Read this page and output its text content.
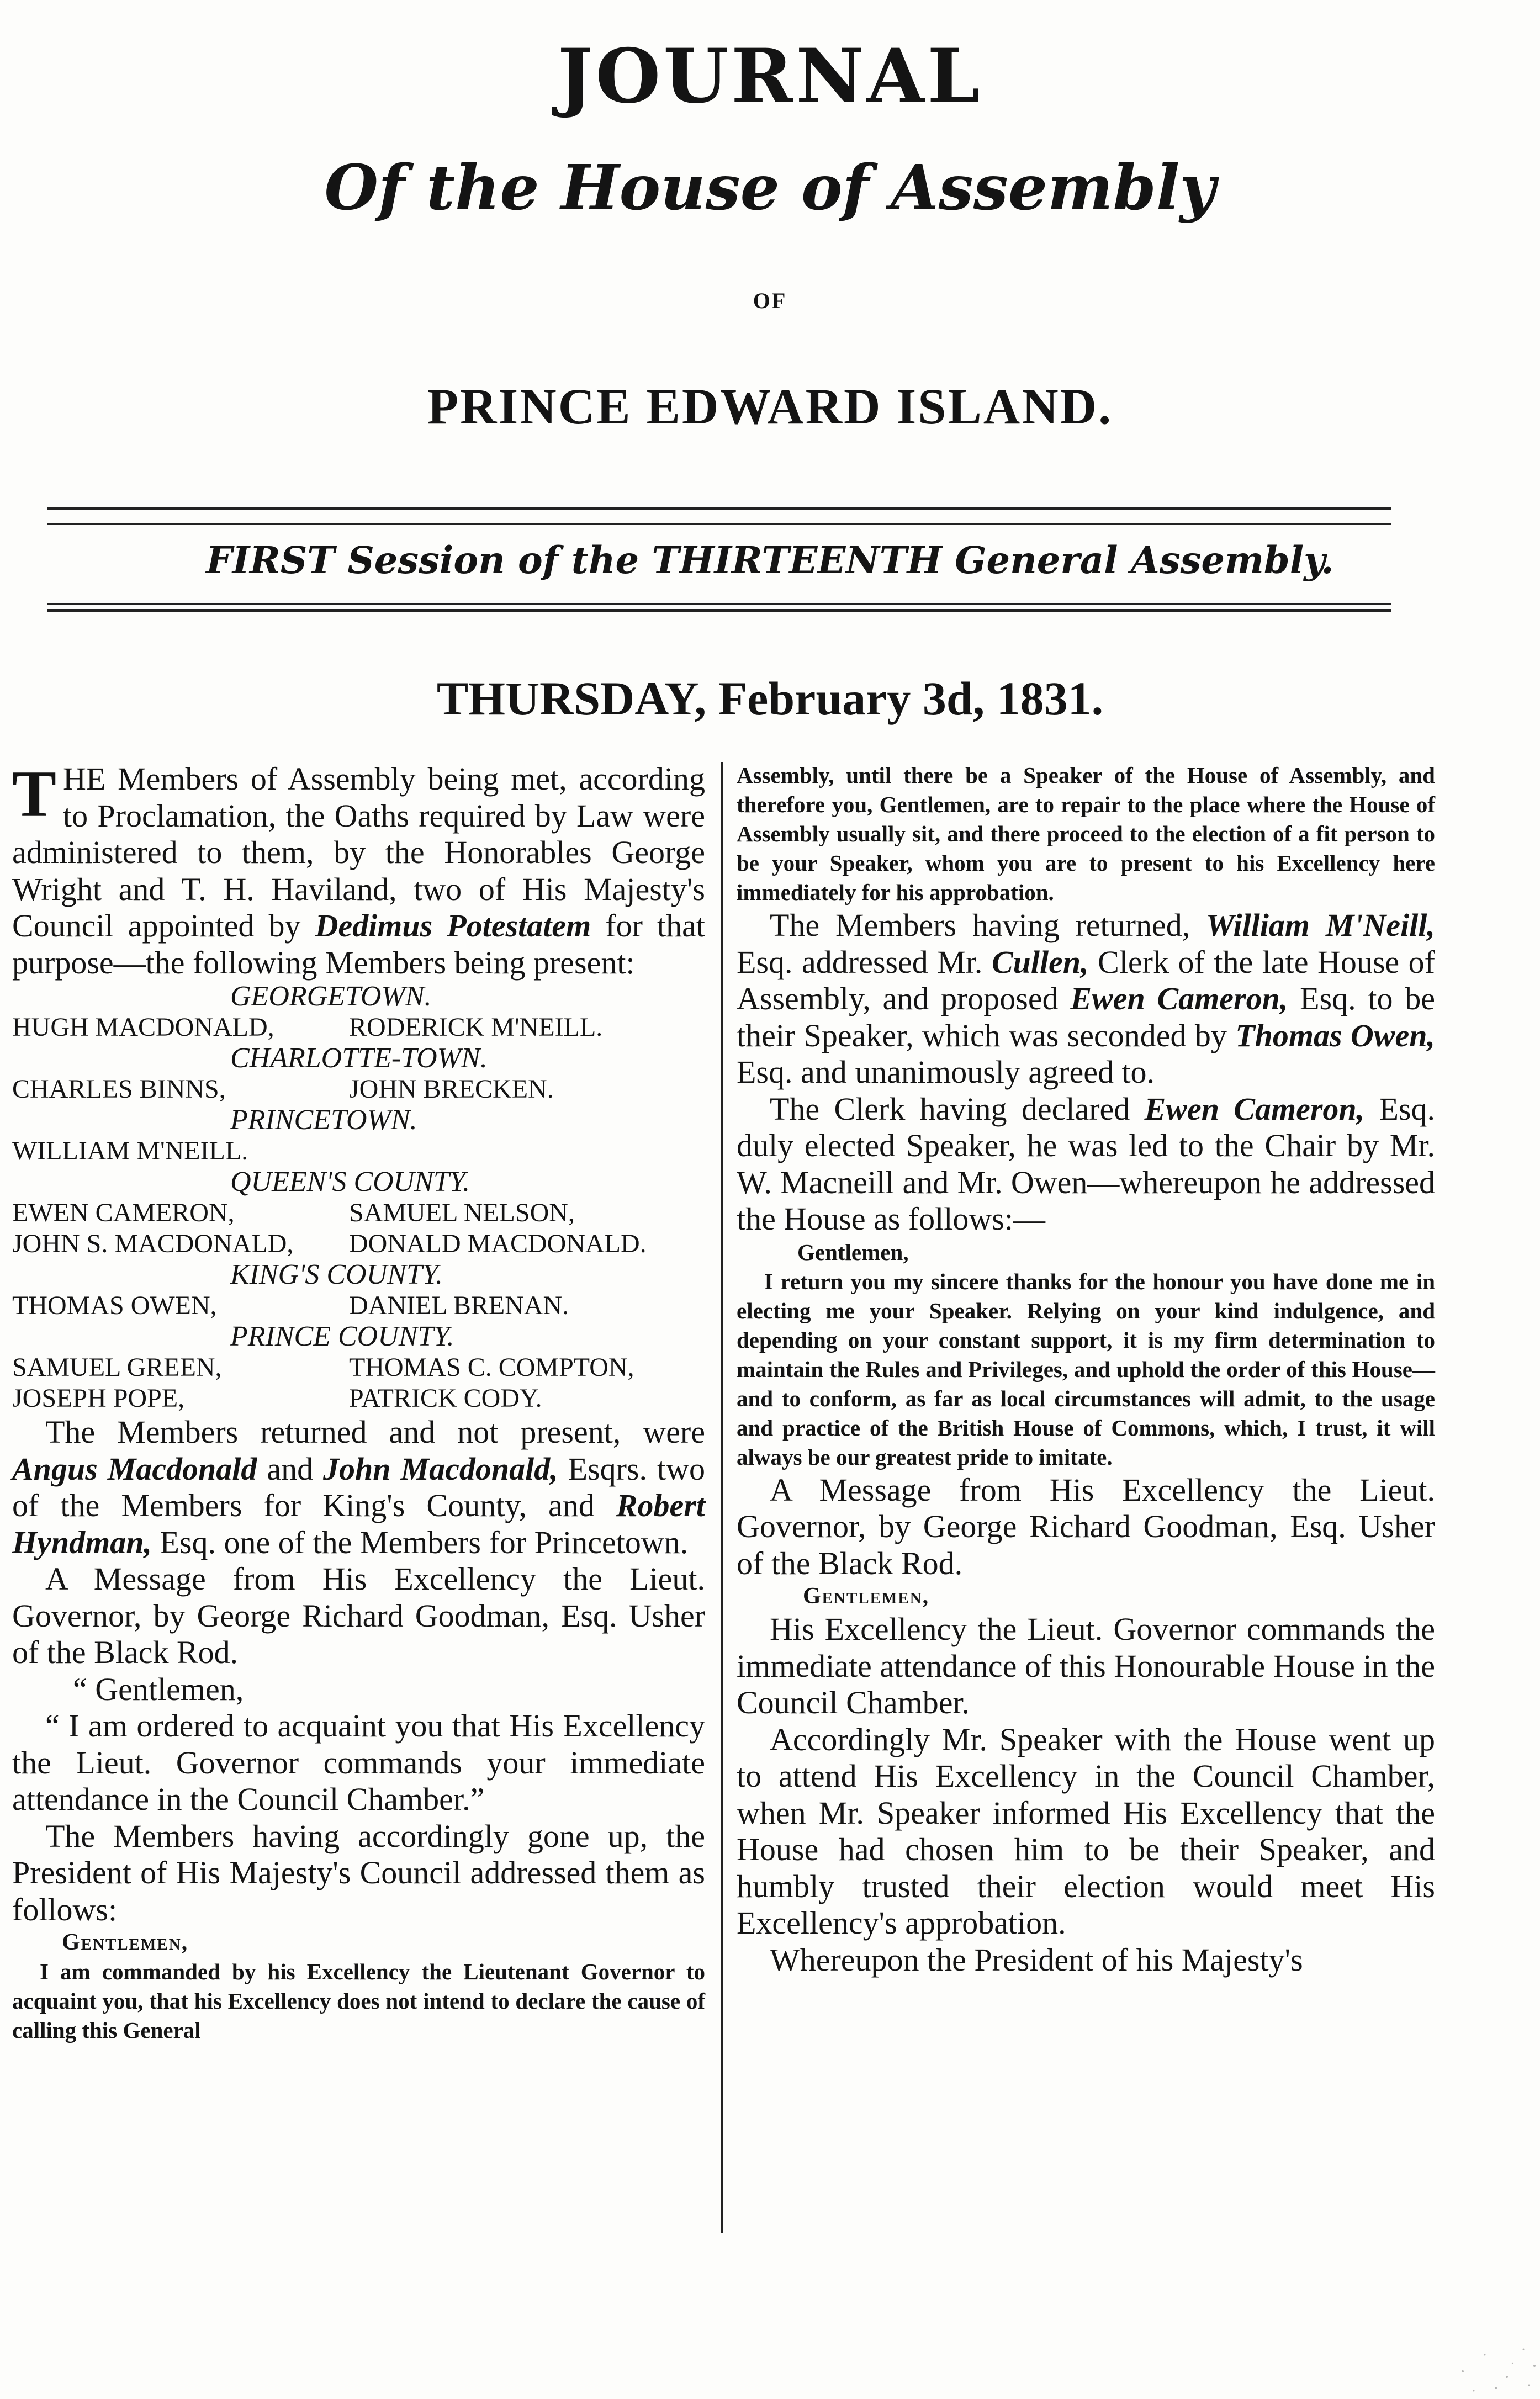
JOURNAL
Of the House of Assembly
OF
PRINCE EDWARD ISLAND.
FIRST Session of the THIRTEENTH General Assembly.
THURSDAY, February 3d, 1831.

THE Members of Assembly being met, according to Proclamation, the Oaths required by Law were administered to them, by the Honorables George Wright and T. H. Haviland, two of His Majesty's Council appointed by Dedimus Potestatem for that purpose—the following Members being present:

GEORGETOWN.

HUGH MACDONALD,	RODERICK M'NEILL.

CHARLOTTE-TOWN.

CHARLES BINNS,	JOHN BRECKEN.

PRINCETOWN.

WILLIAM M'NEILL.

QUEEN'S COUNTY.

EWEN CAMERON,	SAMUEL NELSON,

JOHN S. MACDONALD,	DONALD MACDONALD.

KING'S COUNTY.

THOMAS OWEN,	DANIEL BRENAN.

PRINCE COUNTY.

SAMUEL GREEN,	THOMAS C. COMPTON,

JOSEPH POPE,	PATRICK CODY.

The Members returned and not present, were Angus Macdonald and John Macdonald, Esqrs. two of the Members for King's County, and Robert Hyndman, Esq. one of the Members for Princetown.

A Message from His Excellency the Lieut. Governor, by George Richard Goodman, Esq. Usher of the Black Rod.

“ Gentlemen,

“ I am ordered to acquaint you that His Excellency the Lieut. Governor commands your immediate attendance in the Council Chamber.”

The Members having accordingly gone up, the President of His Majesty's Council addressed them as follows:

Gentlemen,

I am commanded by his Excellency the Lieutenant Governor to acquaint you, that his Excellency does not intend to declare the cause of calling this General

Assembly, until there be a Speaker of the House of Assembly, and therefore you, Gentlemen, are to repair to the place where the House of Assembly usually sit, and there proceed to the election of a fit person to be your Speaker, whom you are to present to his Excellency here immediately for his approbation.

The Members having returned, William M'Neill, Esq. addressed Mr. Cullen, Clerk of the late House of Assembly, and proposed Ewen Cameron, Esq. to be their Speaker, which was seconded by Thomas Owen, Esq. and unanimously agreed to.

The Clerk having declared Ewen Cameron, Esq. duly elected Speaker, he was led to the Chair by Mr. W. Macneill and Mr. Owen—whereupon he addressed the House as follows:—

Gentlemen,

I return you my sincere thanks for the honour you have done me in electing me your Speaker. Relying on your kind indulgence, and depending on your constant support, it is my firm determination to maintain the Rules and Privileges, and uphold the order of this House—and to conform, as far as local circumstances will admit, to the usage and practice of the British House of Commons, which, I trust, it will always be our greatest pride to imitate.

A Message from His Excellency the Lieut. Governor, by George Richard Goodman, Esq. Usher of the Black Rod.

Gentlemen,

His Excellency the Lieut. Governor commands the immediate attendance of this Honourable House in the Council Chamber.

Accordingly Mr. Speaker with the House went up to attend His Excellency in the Council Chamber, when Mr. Speaker informed His Excellency that the House had chosen him to be their Speaker, and humbly trusted their election would meet His Excellency's approbation.

Whereupon the President of his Majesty's
